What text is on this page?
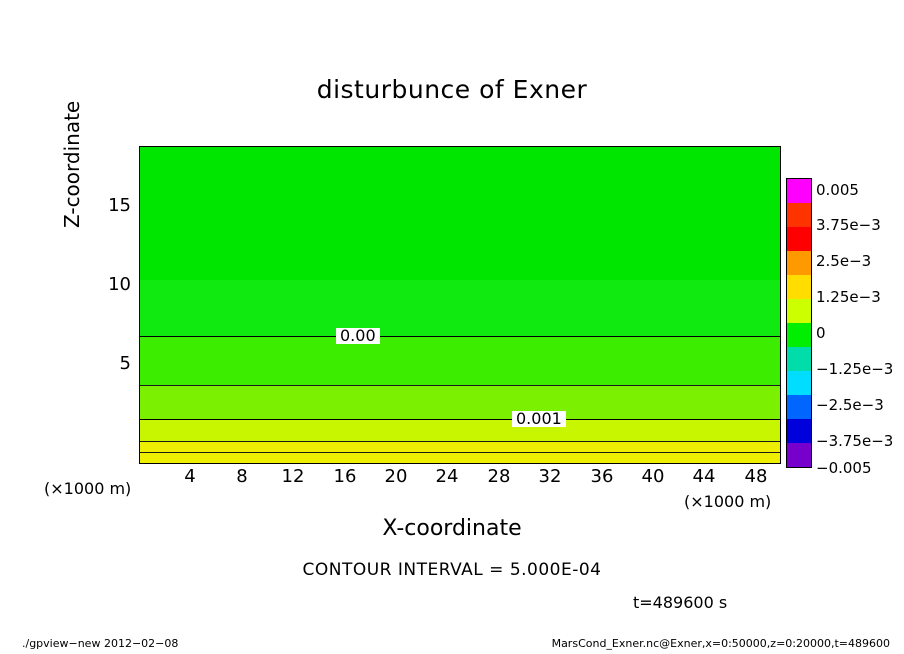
disturbunce of Exner
Z-coordinate
5
10
15
0.00
0.001
4 8 12 16 20 24 28 32 36 40 44 48
(×1000 m)
(×1000 m)
X-coordinate
0.005
3.75e−3
2.5e−3
1.25e−3
0
−1.25e−3
−2.5e−3
−3.75e−3
−0.005
CONTOUR INTERVAL = 5.000E-04
t=489600 s
./gpview−new 2012−02−08	MarsCond_Exner.nc@Exner,x=0:50000,z=0:20000,t=489600
